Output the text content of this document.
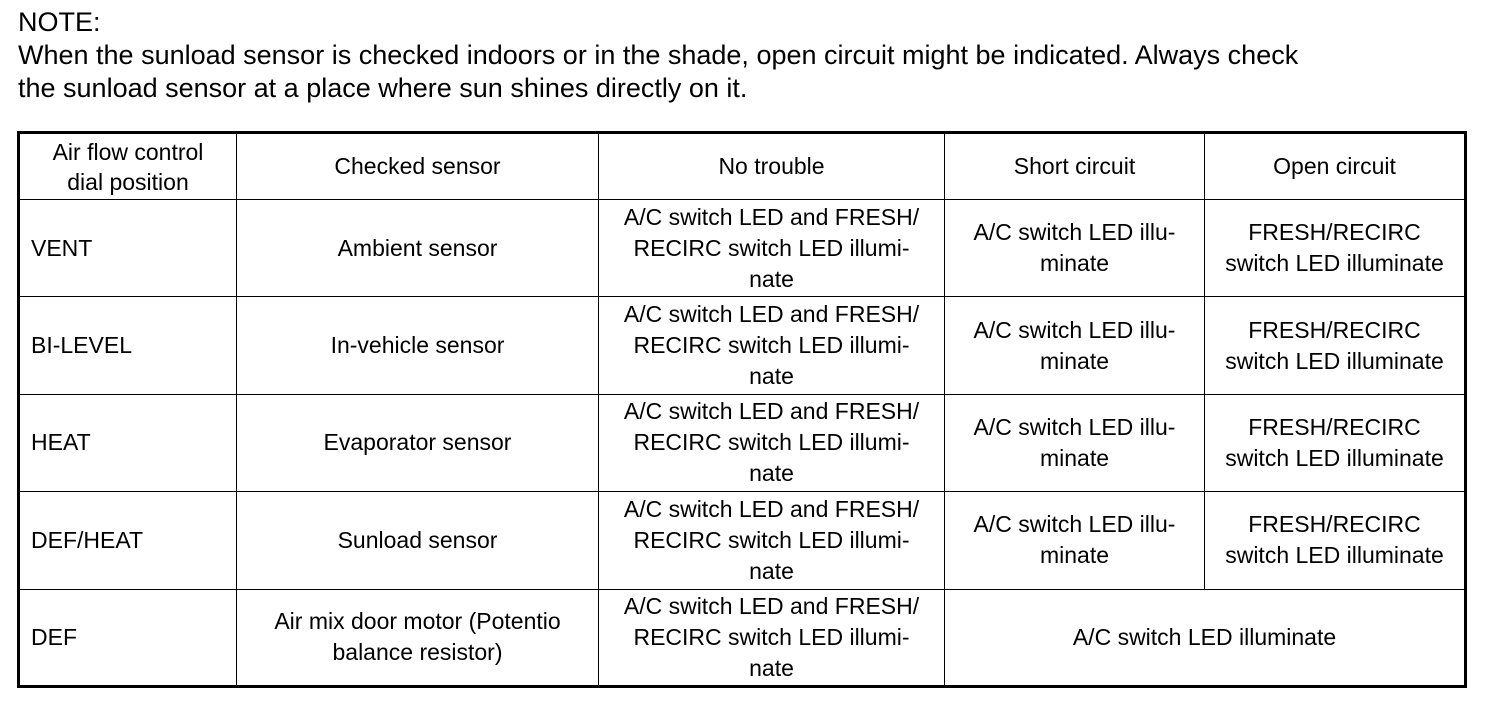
NOTE:
When the sunload sensor is checked indoors or in the shade, open circuit might be indicated. Always check
the sunload sensor at a place where sun shines directly on it.
Air flow control
dial position	Checked sensor	No trouble	Short circuit	Open circuit
VENT	Ambient sensor	A/C switch LED and FRESH/
RECIRC switch LED illumi-
nate	A/C switch LED illu-
minate	FRESH/RECIRC
switch LED illuminate
BI-LEVEL	In-vehicle sensor	A/C switch LED and FRESH/
RECIRC switch LED illumi-
nate	A/C switch LED illu-
minate	FRESH/RECIRC
switch LED illuminate
HEAT	Evaporator sensor	A/C switch LED and FRESH/
RECIRC switch LED illumi-
nate	A/C switch LED illu-
minate	FRESH/RECIRC
switch LED illuminate
DEF/HEAT	Sunload sensor	A/C switch LED and FRESH/
RECIRC switch LED illumi-
nate	A/C switch LED illu-
minate	FRESH/RECIRC
switch LED illuminate
DEF	Air mix door motor (Potentio
balance resistor)	A/C switch LED and FRESH/
RECIRC switch LED illumi-
nate	A/C switch LED illuminate	
